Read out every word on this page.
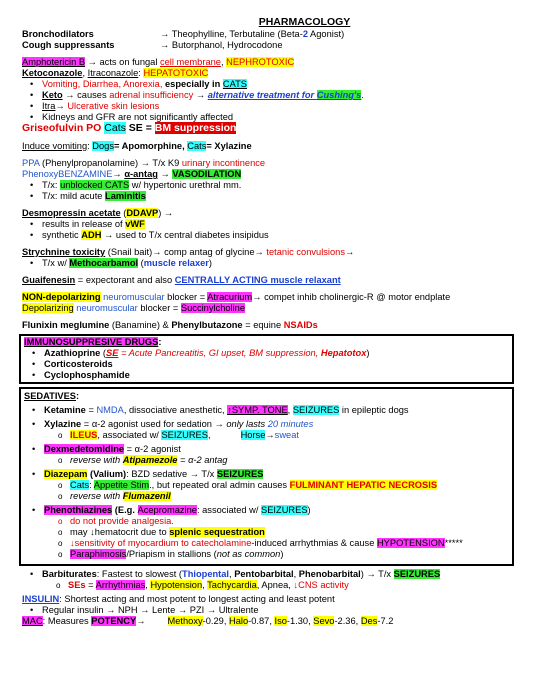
PHARMACOLOGY
Bronchodilators	→ Theophylline, Terbutaline (Beta-2 Agonist)
Cough suppressants	→ Butorphanol, Hydrocodone
Amphotericin B → acts on fungal cell membrane, NEPHROTOXIC
Ketoconazole, Itraconazole: HEPATOTOXIC
• Vomiting, Diarrhea, Anorexia, especially in CATS
• Keto → causes adrenal insufficiency → alternative treatment for Cushing's.
• Itra→ Ulcerative skin lesions
• Kidneys and GFR are not significantly affected
Griseofulvin PO Cats SE = BM suppression
Induce vomiting: Dogs= Apomorphine, Cats= Xylazine
PPA (Phenylpropanolamine) → T/x K9 urinary incontinence
PhenoxyBENZAMINE→ α-antag → VASODILATION
• T/x: unblocked CATS w/ hypertonic urethral mm.
• T/x: mild acute Laminitis
Desmopressin acetate (DDAVP) →
• results in release of vWF
• synthetic ADH → used to T/x central diabetes insipidus
Strychnine toxicity (Snail bait)→ comp antag of glycine→ tetanic convulsions→
• T/x w/ Methocarbamol (muscle relaxer)
Guaifenesin = expectorant and also CENTRALLY ACTING muscle relaxant
NON-depolarizing neuromuscular blocker = Atracurium→ compet inhib cholinergic-R @ motor endplate
Depolarizing neuromuscular blocker = Succinylcholine
Flunixin meglumine (Banamine) & Phenylbutazone = equine NSAIDs
IMMUNOSUPPRESIVE DRUGS:
• Azathioprine (SE = Acute Pancreatitis, GI upset, BM suppression, Hepatotox)
• Corticosteroids
• Cyclophosphamide
SEDATIVES:
• Ketamine = NMDA, dissociative anesthetic, ↑SYMP. TONE, SEIZURES in epileptic dogs
• Xylazine = α-2 agonist used for sedation → only lasts 20 minutes
o ILEUS, associated w/ SEIZURES,	Horse→sweat
• Dexmedetomidine = α-2 agonist
o reverse with Atipamezole = α-2 antag
• Diazepam (Valium): BZD sedative → T/x SEIZURES
o Cats: Appetite Stim., but repeated oral admin causes FULMINANT HEPATIC NECROSIS
o reverse with Flumazenil
• Phenothiazines (E.g. Acepromazine: associated w/ SEIZURES)
o do not provide analgesia.
o may ↓hematocrit due to splenic sequestration
o ↓sensitivity of myocardium to catecholamine-induced arrhythmias & cause HYPOTENSION*****
o Paraphimosis/Priapism in stallions (not as common)
• Barbiturates: Fastest to slowest (Thiopental, Pentobarbital, Phenobarbital) → T/x SEIZURES
o SEs = Arrhythmias, Hypotension, Tachycardia, Apnea, ↓CNS activity
INSULIN: Shortest acting and most potent to longest acting and least potent
• Regular insulin → NPH → Lente → PZI → Ultralente
MAC: Measures POTENCY→ Methoxy-0.29, Halo-0.87, Iso-1.30, Sevo-2.36, Des-7.2
